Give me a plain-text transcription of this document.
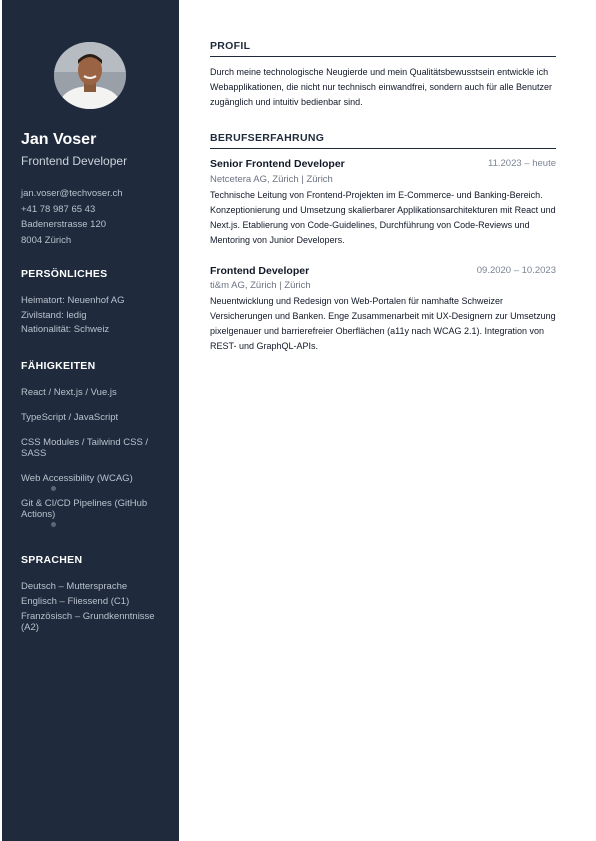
Jan Voser
Frontend Developer
jan.voser@techvoser.ch
+41 78 987 65 43
Badenerstrasse 120
8004 Zürich
PERSÖNLICHES
Heimatort: Neuenhof AG
Zivilstand: ledig
Nationalität: Schweiz
FÄHIGKEITEN
React / Next.js / Vue.js
TypeScript / JavaScript
CSS Modules / Tailwind CSS / SASS
Web Accessibility (WCAG)
Git & CI/CD Pipelines (GitHub Actions)
SPRACHEN
Deutsch – Muttersprache
Englisch – Fliessend (C1)
Französisch – Grundkenntnisse (A2)
PROFIL
Durch meine technologische Neugierde und mein Qualitätsbewusstsein entwickle ich Webapplikationen, die nicht nur technisch einwandfrei, sondern auch für alle Benutzer zugänglich und intuitiv bedienbar sind.
BERUFSERFAHRUNG
Senior Frontend Developer	11.2023 – heute
Netcetera AG, Zürich | Zürich
Technische Leitung von Frontend-Projekten im E-Commerce- und Banking-Bereich. Konzeptionierung und Umsetzung skalierbarer Applikationsarchitekturen mit React und Next.js. Etablierung von Code-Guidelines, Durchführung von Code-Reviews und Mentoring von Junior Developers.
Frontend Developer	09.2020 – 10.2023
ti&m AG, Zürich | Zürich
Neuentwicklung und Redesign von Web-Portalen für namhafte Schweizer Versicherungen und Banken. Enge Zusammenarbeit mit UX-Designern zur Umsetzung pixelgenauer und barrierefreier Oberflächen (a11y nach WCAG 2.1). Integration von REST- und GraphQL-APIs.
